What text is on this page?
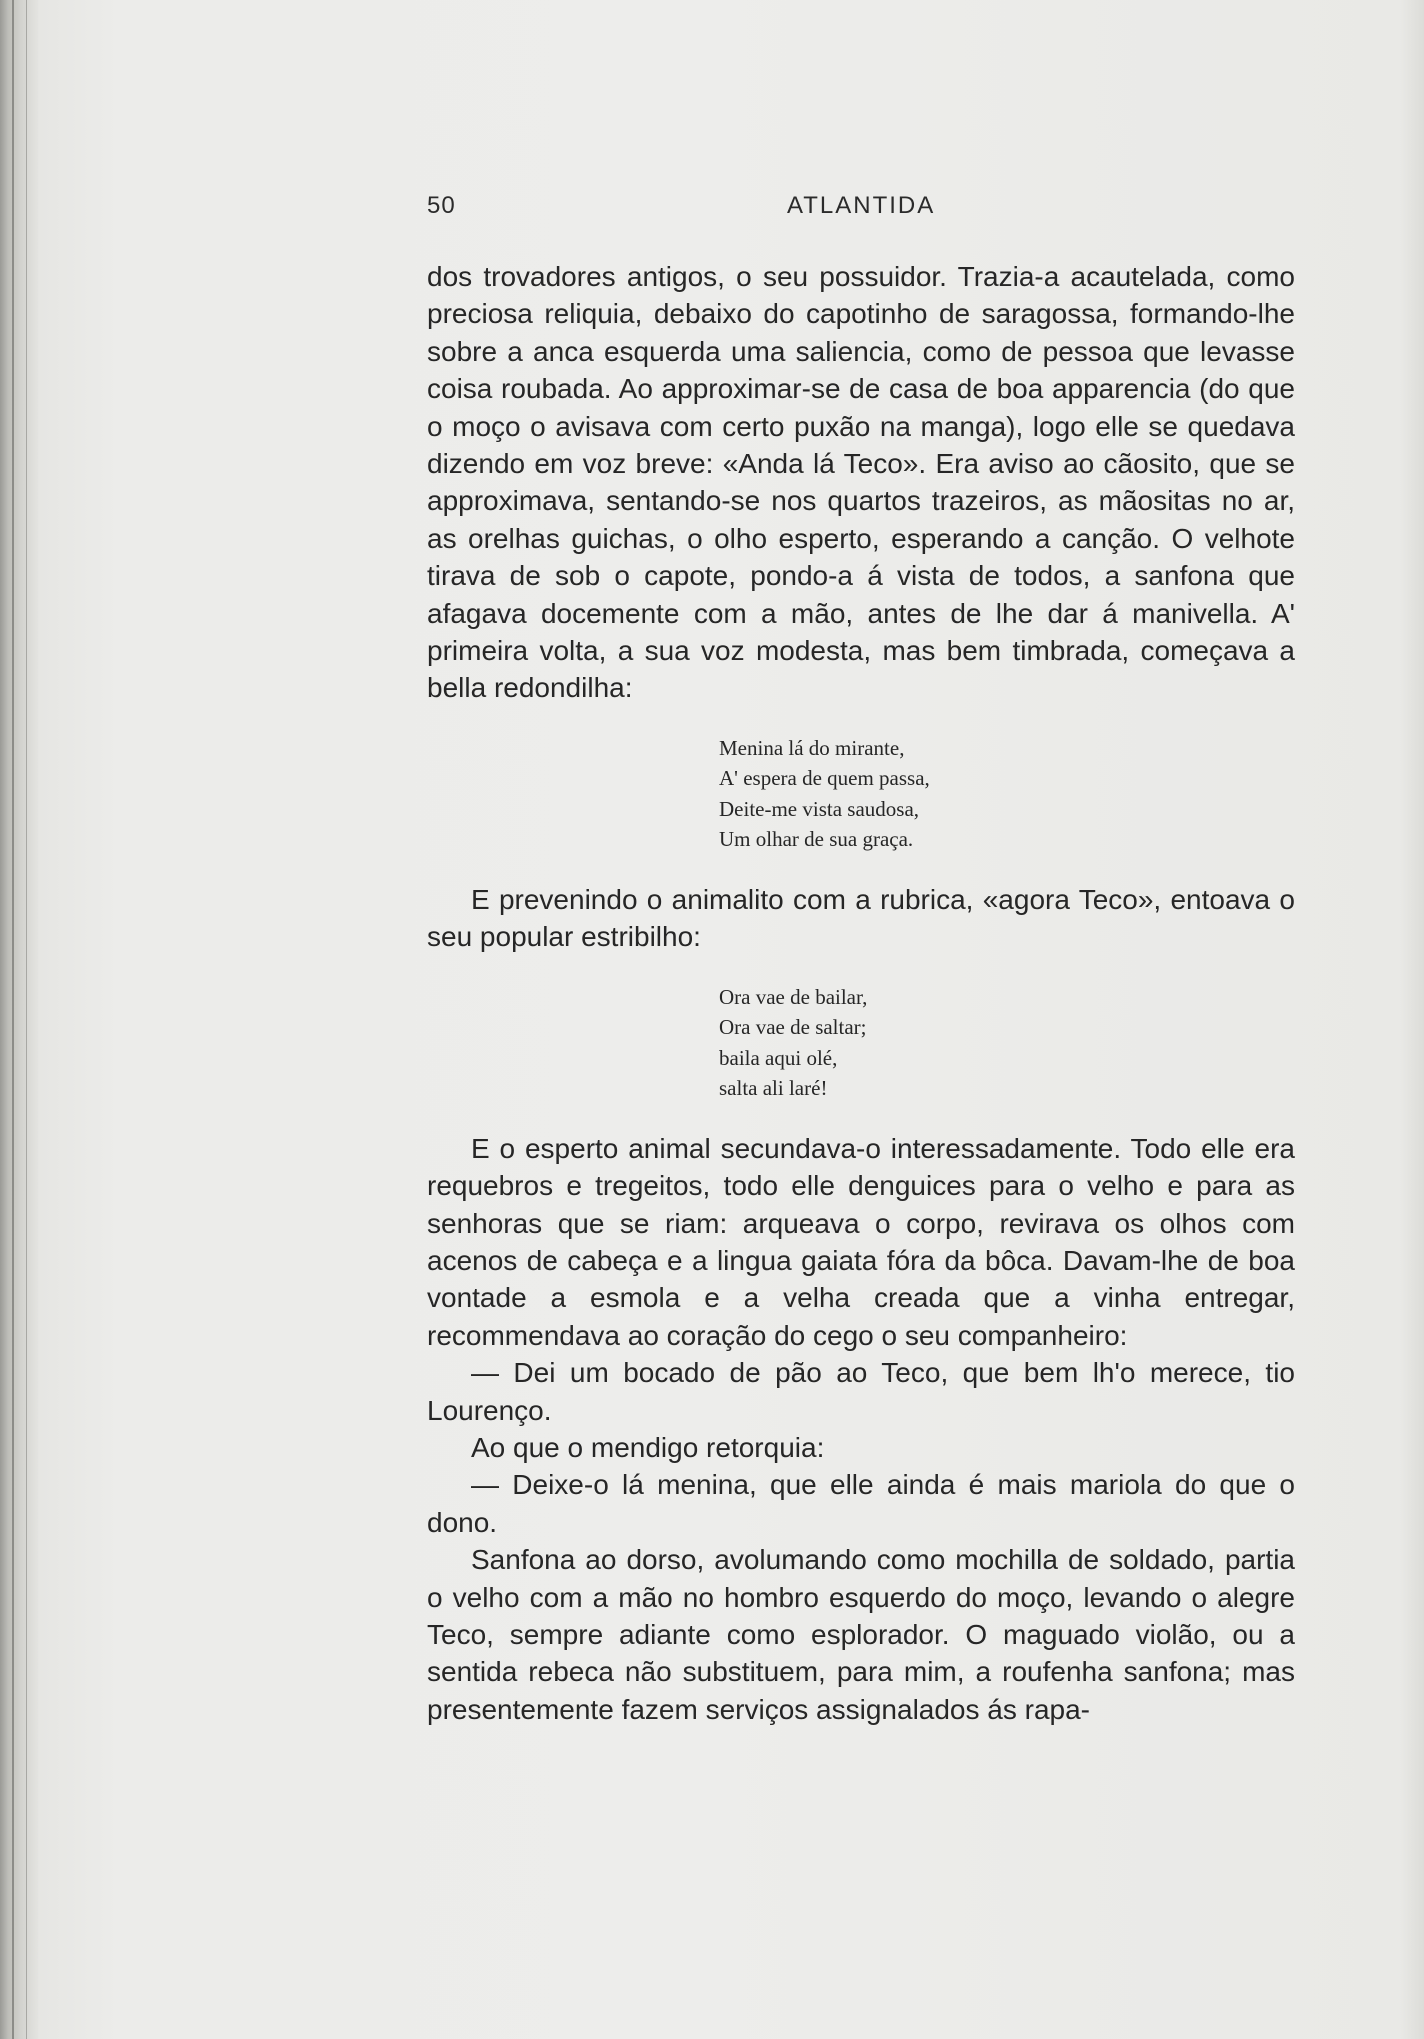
50	ATLANTIDA

dos trovadores antigos, o seu possuidor. Trazia-a acautelada, como preciosa reliquia, debaixo do capotinho de saragossa, formando-lhe sobre a anca esquerda uma saliencia, como de pessoa que levasse coisa roubada. Ao approximar-se de casa de boa apparencia (do que o moço o avisava com certo puxão na manga), logo elle se quedava dizendo em voz breve: «Anda lá Teco». Era aviso ao cãosito, que se approximava, sentando-se nos quartos trazeiros, as mãositas no ar, as orelhas guichas, o olho esperto, esperando a canção. O velhote tirava de sob o capote, pondo-a á vista de todos, a sanfona que afagava docemente com a mão, antes de lhe dar á manivella. A' primeira volta, a sua voz modesta, mas bem timbrada, começava a bella redondilha:

Menina lá do mirante,
A' espera de quem passa,
Deite-me vista saudosa,
Um olhar de sua graça.

E prevenindo o animalito com a rubrica, «agora Teco», entoava o seu popular estribilho:

Ora vae de bailar,
Ora vae de saltar;
baila aqui olé,
salta ali laré!

E o esperto animal secundava-o interessadamente. Todo elle era requebros e tregeitos, todo elle denguices para o velho e para as senhoras que se riam: arqueava o corpo, revirava os olhos com acenos de cabeça e a lingua gaiata fóra da bôca. Davam-lhe de boa vontade a esmola e a velha creada que a vinha entregar, recommendava ao coração do cego o seu companheiro:

— Dei um bocado de pão ao Teco, que bem lh'o merece, tio Lourenço.

Ao que o mendigo retorquia:

— Deixe-o lá menina, que elle ainda é mais mariola do que o dono.

Sanfona ao dorso, avolumando como mochilla de soldado, partia o velho com a mão no hombro esquerdo do moço, levando o alegre Teco, sempre adiante como esplorador. O maguado violão, ou a sentida rebeca não substituem, para mim, a roufenha sanfona; mas presentemente fazem serviços assignalados ás rapa-
